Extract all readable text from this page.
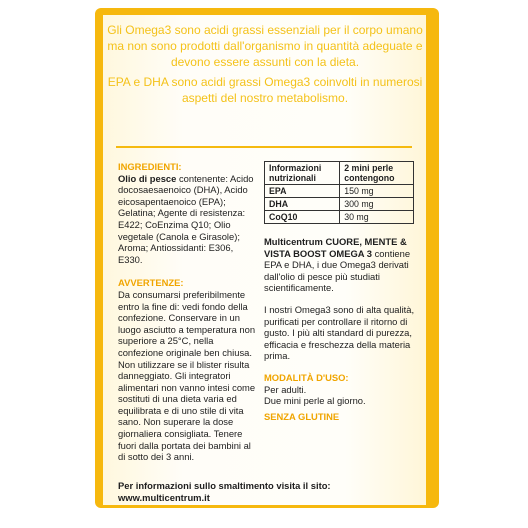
Gli Omega3 sono acidi grassi essenziali per il corpo umano ma non sono prodotti dall'organismo in quantità adeguate e devono essere assunti con la dieta.

EPA e DHA sono acidi grassi Omega3 coinvolti in numerosi aspetti del nostro metabolismo.

INGREDIENTI:

Olio di pesce contenente: Acido docosaesaenoico (DHA), Acido eicosapentaenoico (EPA); Gelatina; Agente di resistenza: E422; CoEnzima Q10; Olio vegetale (Canola e Girasole); Aroma; Antiossidanti: E306, E330.

AVVERTENZE:

Da consumarsi preferibilmente entro la fine di: vedi fondo della confezione. Conservare in un luogo asciutto a temperatura non superiore a 25°C, nella confezione originale ben chiusa. Non utilizzare se il blister risulta danneggiato. Gli integratori alimentari non vanno intesi come sostituti di una dieta varia ed equilibrata e di uno stile di vita sano. Non superare la dose giornaliera consigliata. Tenere fuori dalla portata dei bambini al di sotto dei 3 anni.

Informazioni nutrizionali	2 mini perle contengono
EPA	150 mg
DHA	300 mg
CoQ10	30 mg

Multicentrum CUORE, MENTE & VISTA BOOST OMEGA 3 contiene EPA e DHA, i due Omega3 derivati dall'olio di pesce più studiati scientificamente.

I nostri Omega3 sono di alta qualità, purificati per controllare il ritorno di gusto. I più alti standard di purezza, efficacia e freschezza della materia prima.

MODALITÀ D'USO:

Per adulti.

Due mini perle al giorno.

SENZA GLUTINE

Per informazioni sullo smaltimento visita il sito:
www.multicentrum.it
